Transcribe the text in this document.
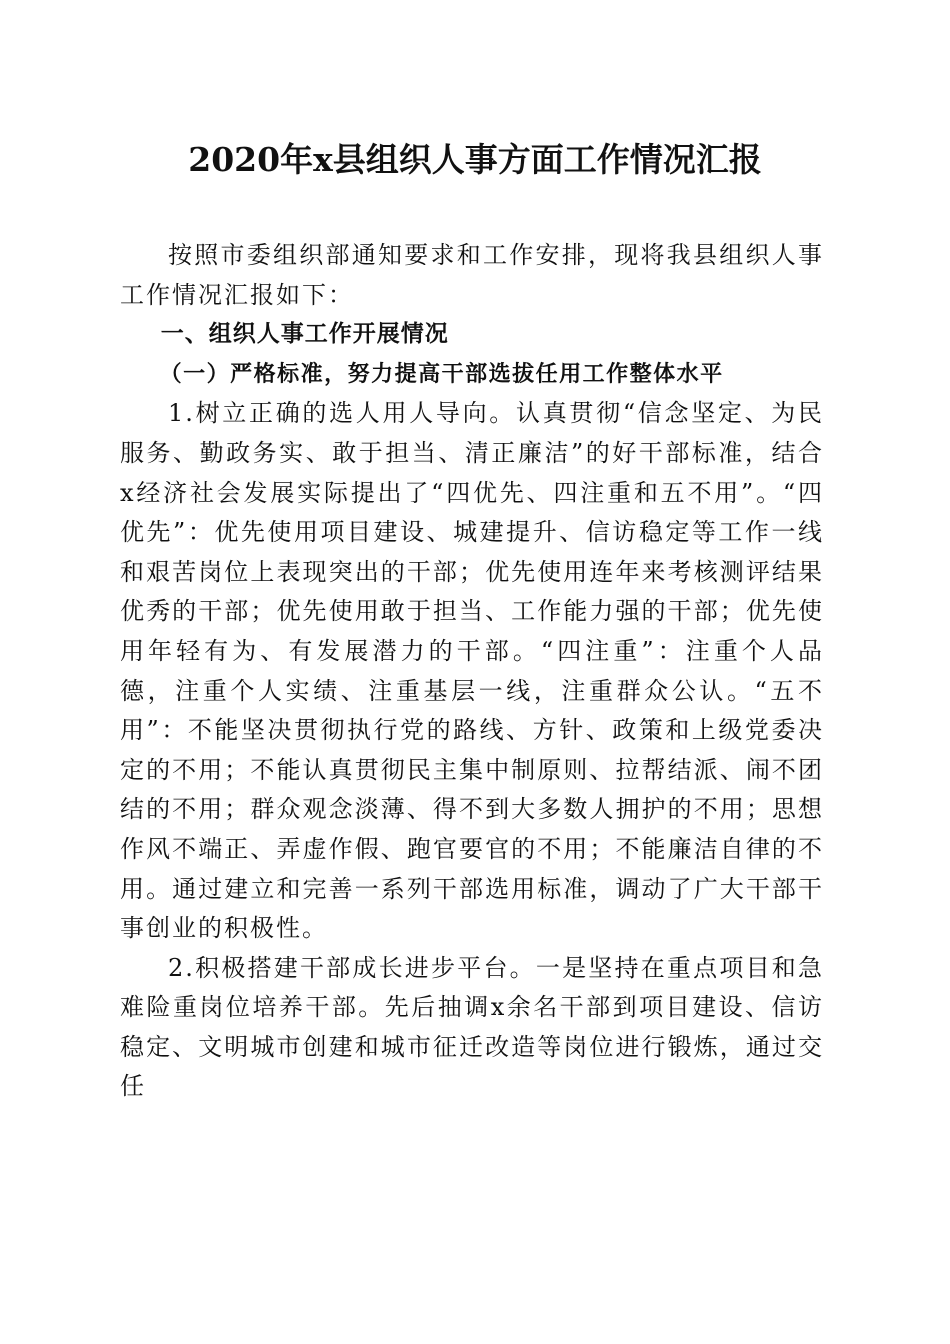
2020年x县组织人事方面工作情况汇报

按照市委组织部通知要求和工作安排，现将我县组织人事工作情况汇报如下：

一、组织人事工作开展情况

（一）严格标准，努力提高干部选拔任用工作整体水平

1.树立正确的选人用人导向。认真贯彻“信念坚定、为民服务、勤政务实、敢于担当、清正廉洁”的好干部标准，结合x经济社会发展实际提出了“四优先、四注重和五不用”。“四优先”：优先使用项目建设、城建提升、信访稳定等工作一线和艰苦岗位上表现突出的干部；优先使用连年来考核测评结果优秀的干部；优先使用敢于担当、工作能力强的干部；优先使用年轻有为、有发展潜力的干部。“四注重”：注重个人品德，注重个人实绩、注重基层一线，注重群众公认。“五不用”：不能坚决贯彻执行党的路线、方针、政策和上级党委决定的不用；不能认真贯彻民主集中制原则、拉帮结派、闹不团结的不用；群众观念淡薄、得不到大多数人拥护的不用；思想作风不端正、弄虚作假、跑官要官的不用；不能廉洁自律的不用。通过建立和完善一系列干部选用标准，调动了广大干部干事创业的积极性。

2.积极搭建干部成长进步平台。一是坚持在重点项目和急难险重岗位培养干部。先后抽调x余名干部到项目建设、信访稳定、文明城市创建和城市征迁改造等岗位进行锻炼，通过交任
